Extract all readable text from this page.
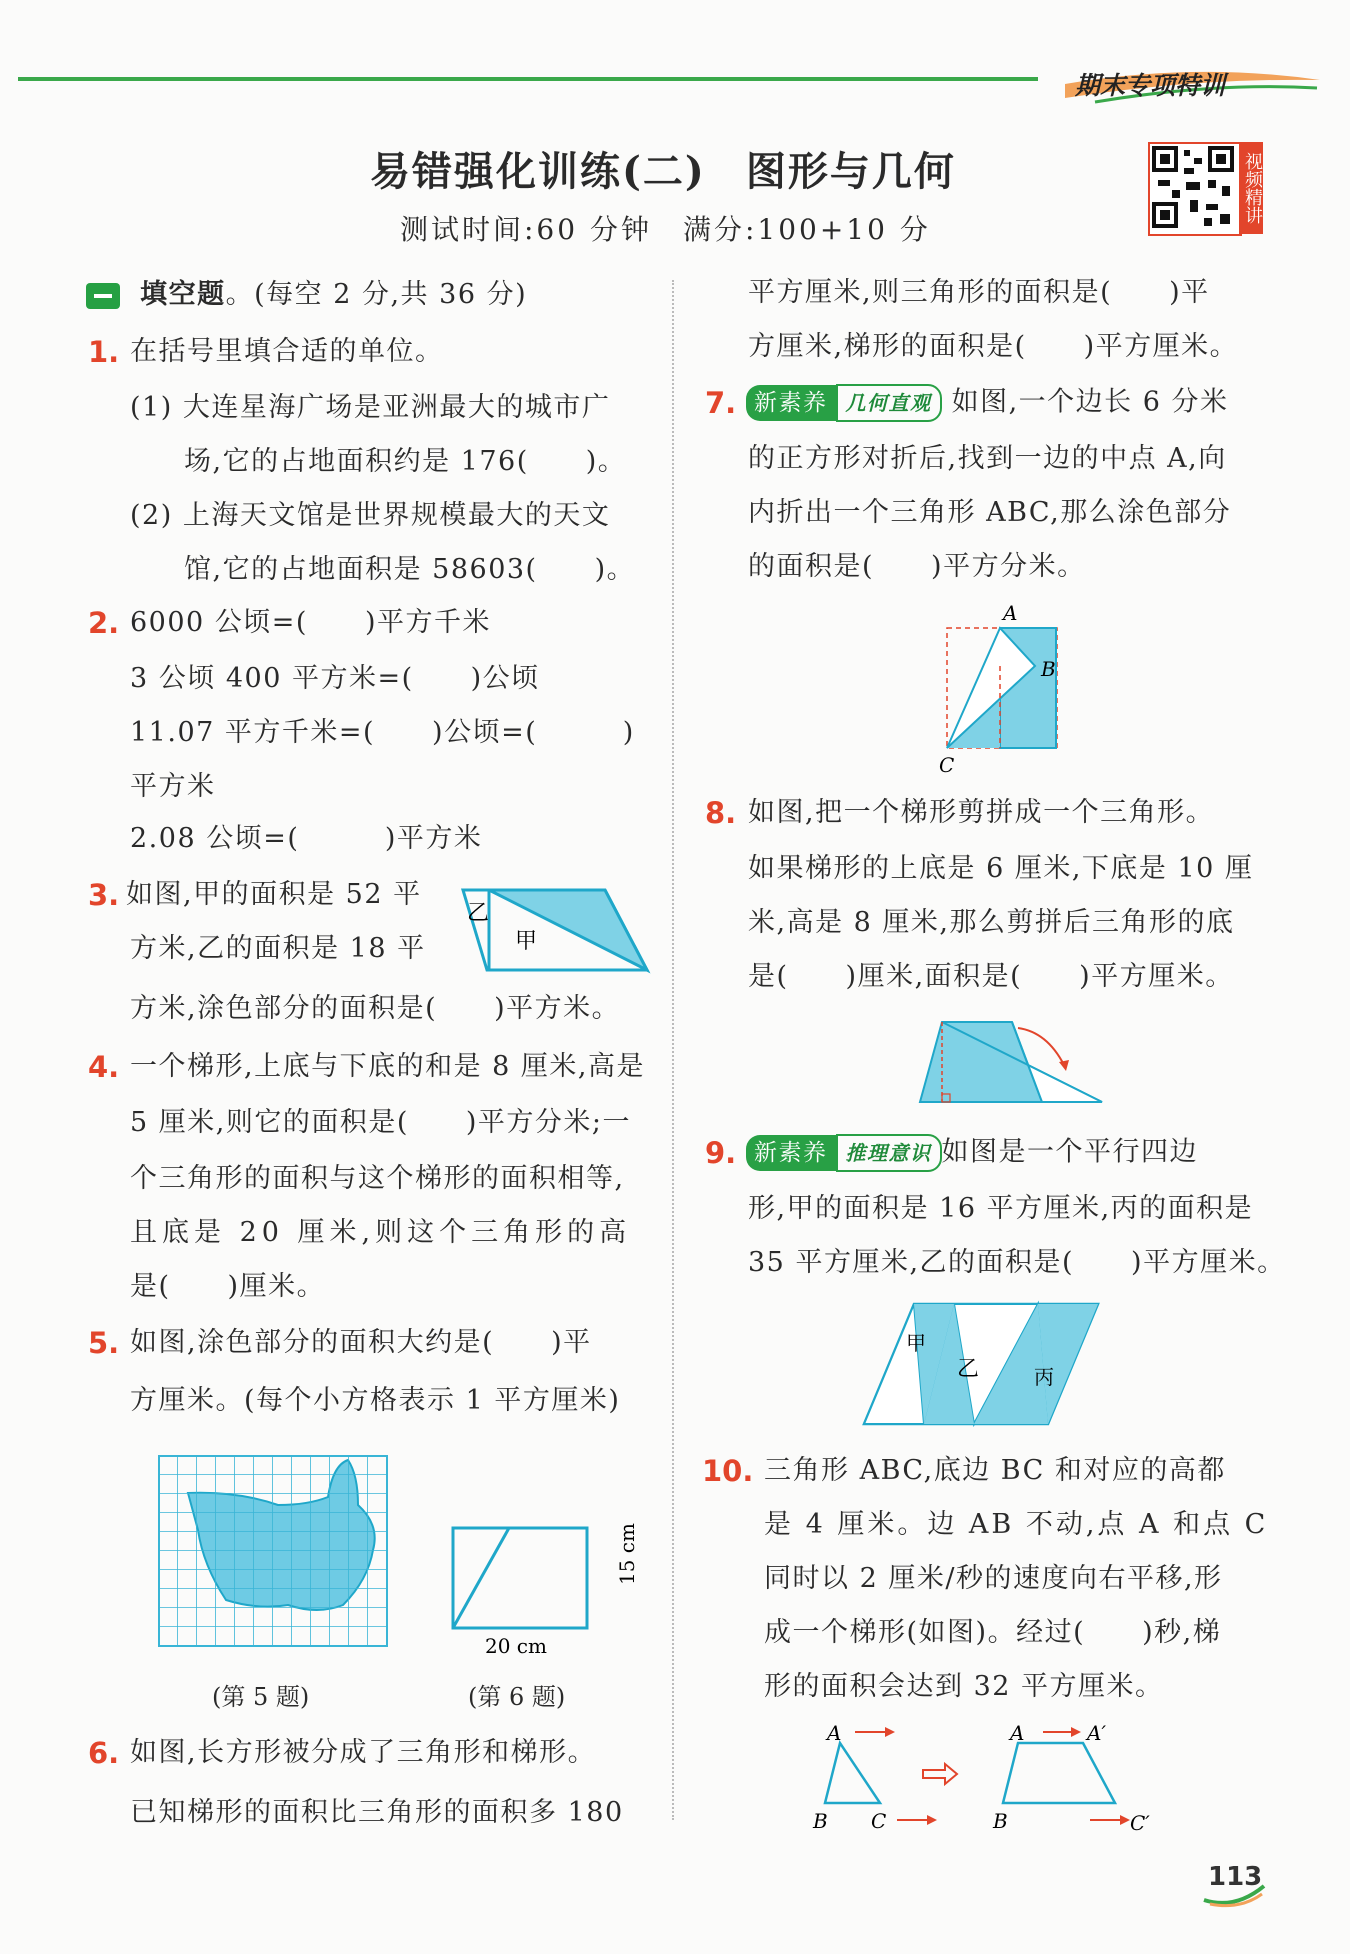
期末专项特训
易错强化训练(二) 图形与几何
测试时间:60 分钟　满分:100+10 分
视频精讲
填空题。(每空 2 分,共 36 分)
1. 在括号里填合适的单位。
(1) 大连星海广场是亚洲最大的城市广
场,它的占地面积约是 176(　　)。
(2) 上海天文馆是世界规模最大的天文
馆,它的占地面积是 58603(　　)。
2. 6000 公顷=(　　)平方千米
3 公顷 400 平方米=(　　)公顷
11.07 平方千米=(　　)公顷=(　　　)
平方米
2.08 公顷=(　　　)平方米
3. 如图,甲的面积是 52 平
方米,乙的面积是 18 平
方米,涂色部分的面积是(　　)平方米。
乙
甲
4. 一个梯形,上底与下底的和是 8 厘米,高是
5 厘米,则它的面积是(　　)平方分米;一
个三角形的面积与这个梯形的面积相等,
且底是 20 厘米,则这个三角形的高
是(　　)厘米。
5. 如图,涂色部分的面积大约是(　　)平
方厘米。(每个小方格表示 1 平方厘米)
(第 5 题)
20 cm
15 cm
(第 6 题)
6. 如图,长方形被分成了三角形和梯形。
已知梯形的面积比三角形的面积多 180
平方厘米,则三角形的面积是(　　)平
方厘米,梯形的面积是(　　)平方厘米。
7. 新素养 几何直观 如图,一个边长 6 分米
的正方形对折后,找到一边的中点 A,向
内折出一个三角形 ABC,那么涂色部分
的面积是(　　)平方分米。
A
B
C
8. 如图,把一个梯形剪拼成一个三角形。
如果梯形的上底是 6 厘米,下底是 10 厘
米,高是 8 厘米,那么剪拼后三角形的底
是(　　)厘米,面积是(　　)平方厘米。
9. 新素养 推理意识 如图是一个平行四边
形,甲的面积是 16 平方厘米,丙的面积是
35 平方厘米,乙的面积是(　　)平方厘米。
甲
乙	丙
10. 三角形 ABC,底边 BC 和对应的高都
是 4 厘米。边 AB 不动,点 A 和点 C
同时以 2 厘米/秒的速度向右平移,形
成一个梯形(如图)。经过(　　)秒,梯
形的面积会达到 32 平方厘米。
A
B C
A	A′
B	C′
113
